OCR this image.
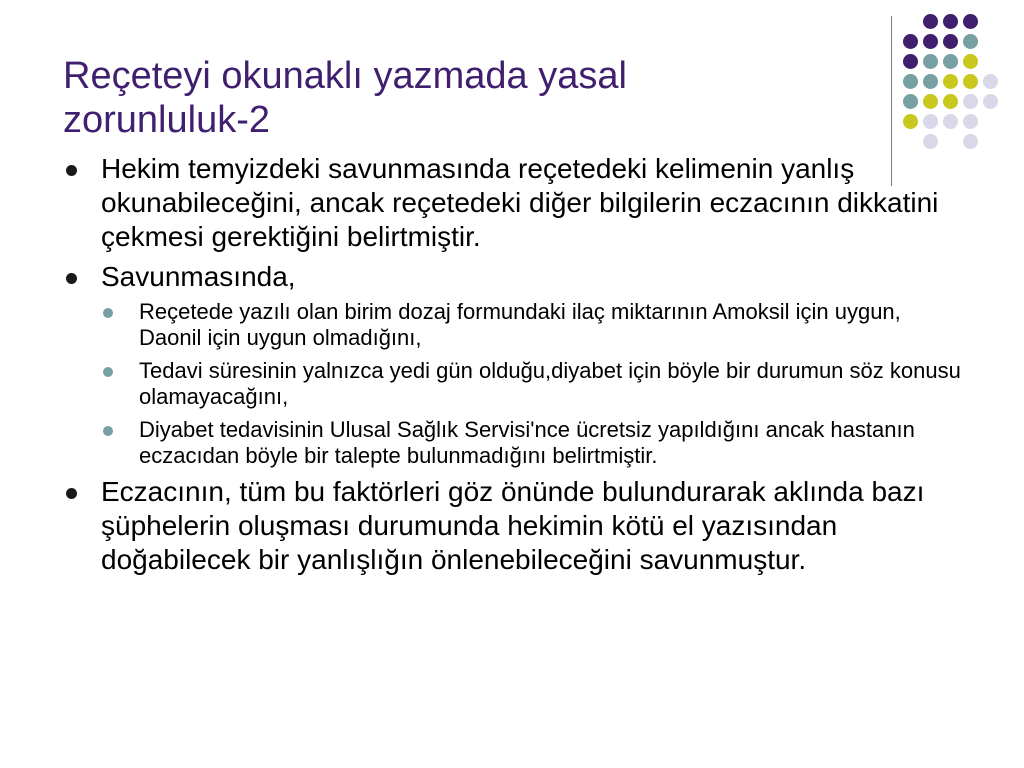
Reçeteyi okunaklı yazmada yasal
zorunluluk-2
Hekim temyizdeki savunmasında reçetedeki kelimenin yanlış okunabileceğini, ancak reçetedeki diğer bilgilerin eczacının dikkatini çekmesi gerektiğini belirtmiştir.
Savunmasında,
Reçetede yazılı olan birim dozaj formundaki ilaç miktarının Amoksil için uygun, Daonil için uygun olmadığını,
Tedavi süresinin yalnızca yedi gün olduğu,diyabet için böyle bir durumun söz konusu olamayacağını,
Diyabet tedavisinin Ulusal Sağlık Servisi'nce ücretsiz yapıldığını ancak hastanın eczacıdan böyle bir talepte bulunmadığını belirtmiştir.
Eczacının, tüm bu faktörleri göz önünde bulundurarak aklında bazı şüphelerin oluşması durumunda hekimin kötü el yazısından doğabilecek bir yanlışlığın önlenebileceğini savunmuştur.
